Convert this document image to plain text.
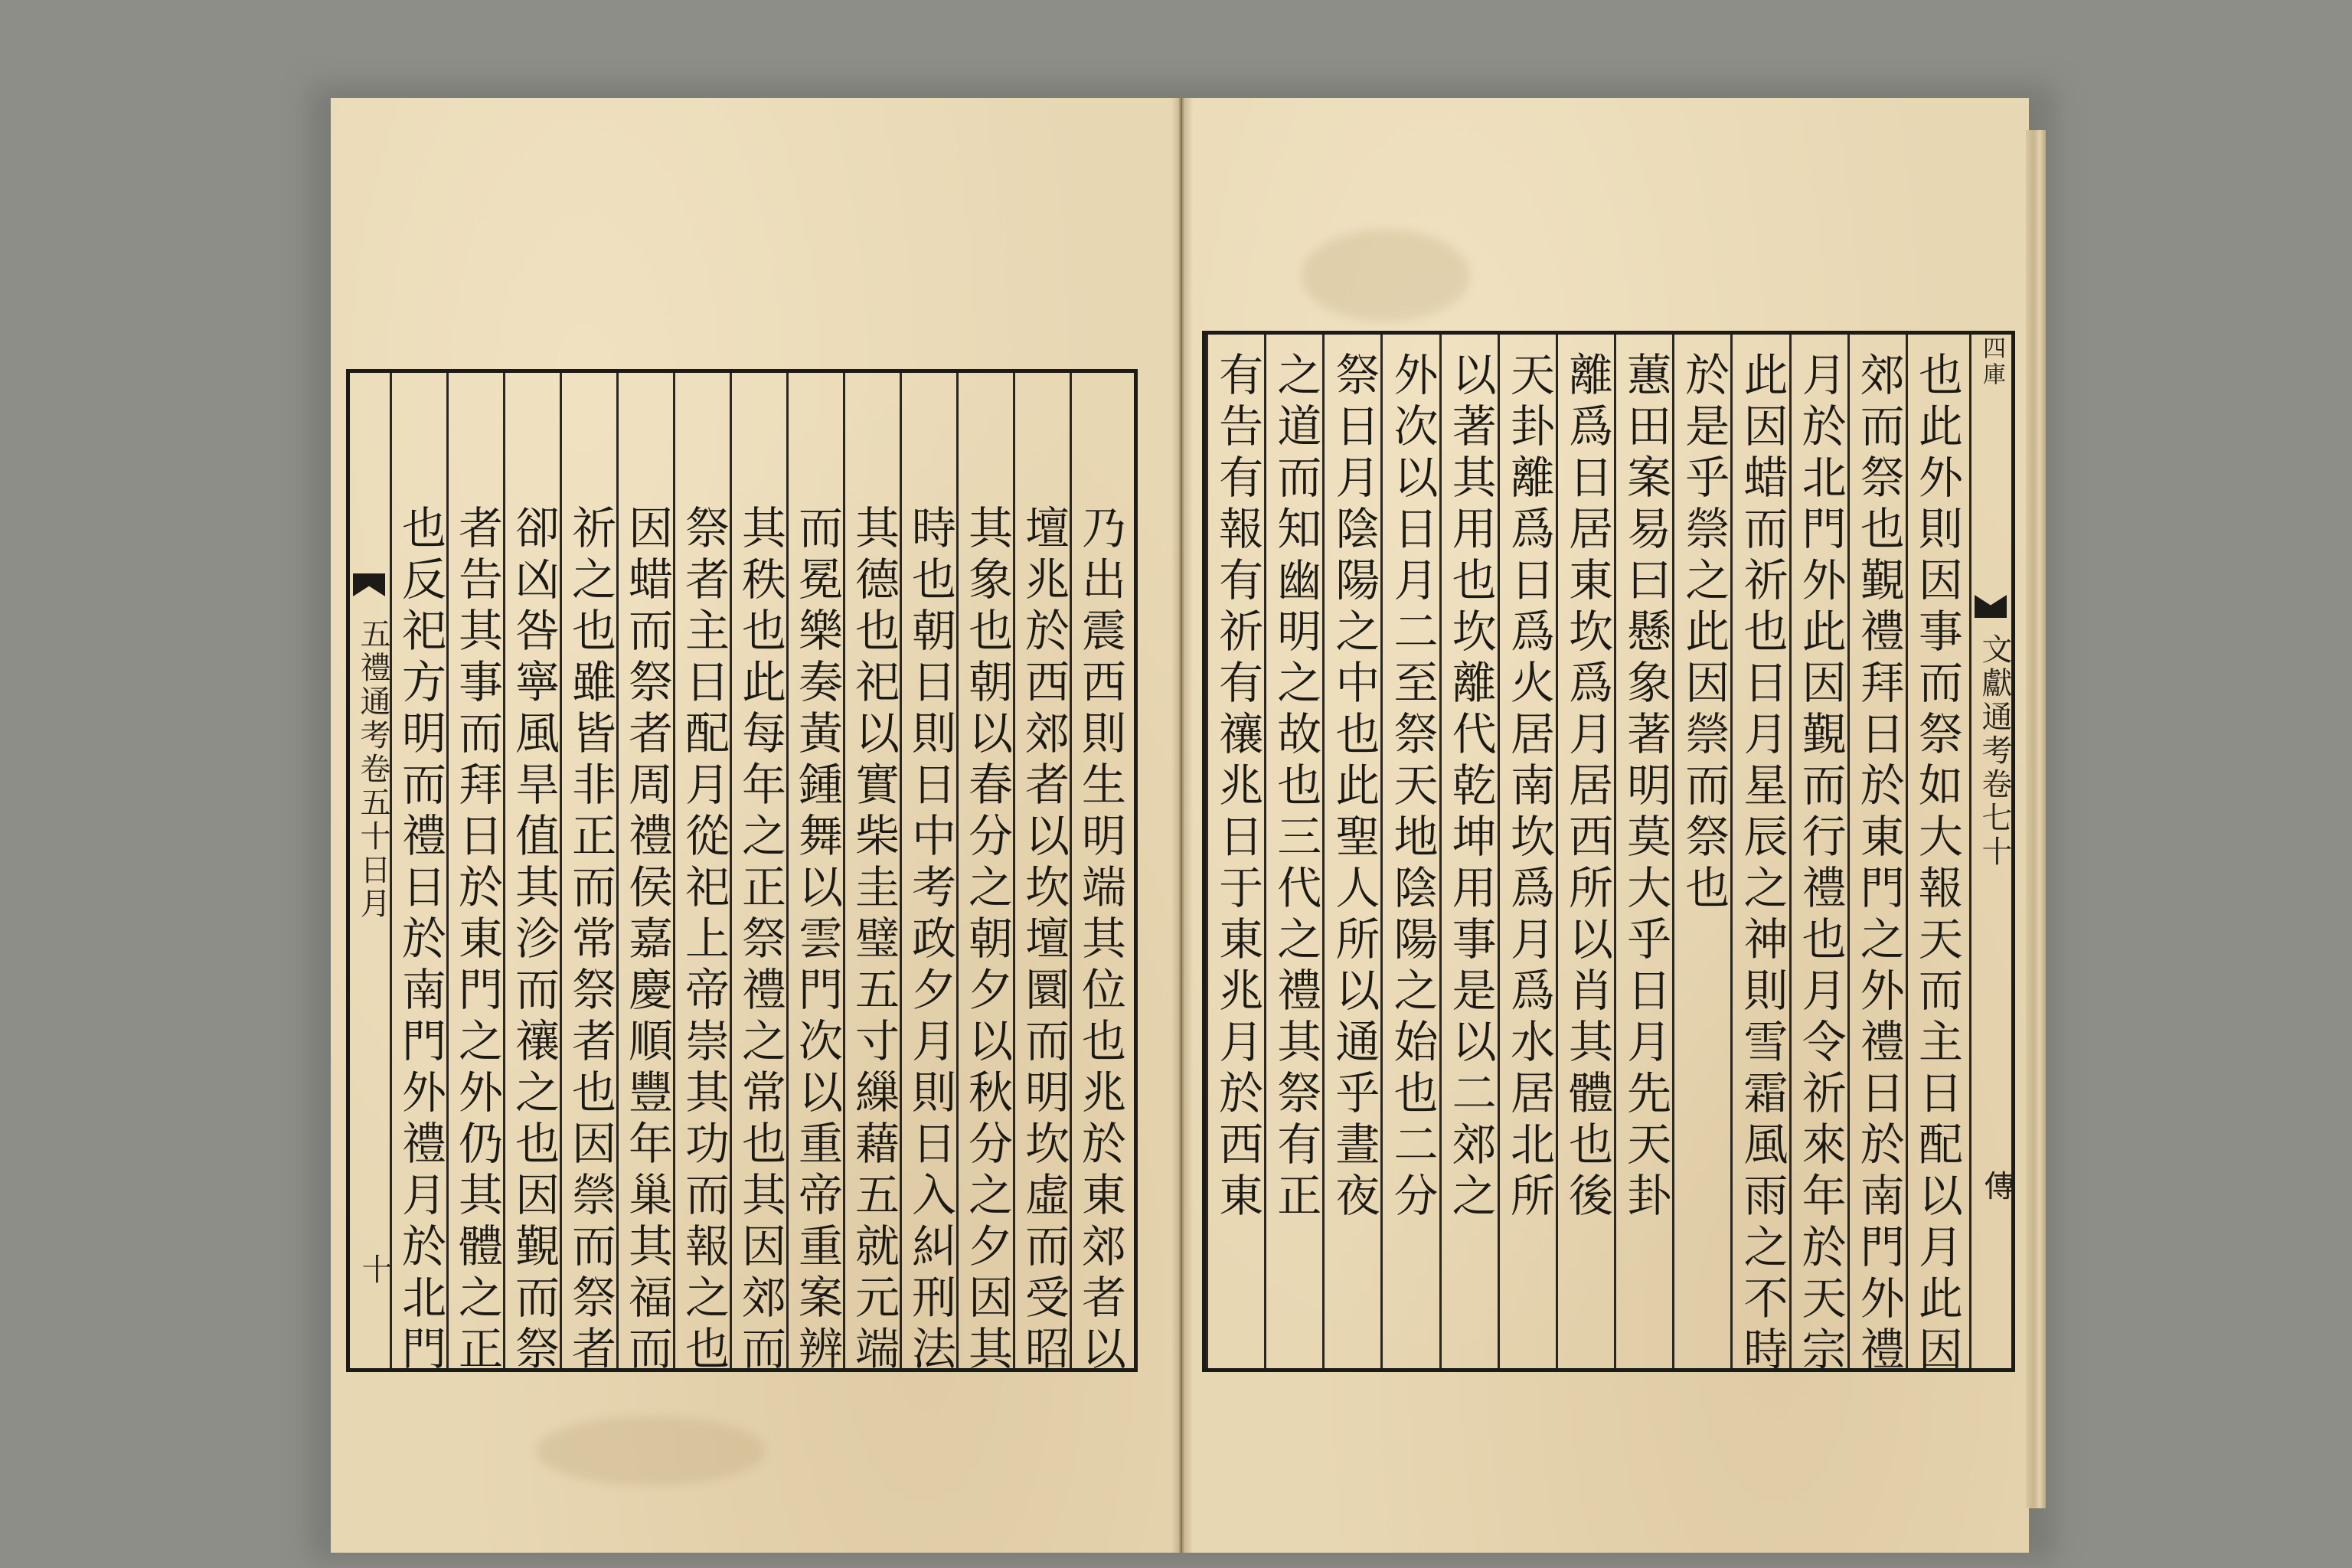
五禮通考卷五十日月
十	乃出震西則生明端其位也兆於東郊者以
壇兆於西郊者以坎壇圜而明坎虛而受昭
其象也朝以春分之朝夕以秋分之夕因其
時也朝日則日中考政夕月則日入糾刑法
其德也祀以實柴圭璧五寸繅藉五就元端
而冕樂奏黃鍾舞以雲門次以重帝重案辨
其秩也此每年之正祭禮之常也其因郊而
祭者主日配月從祀上帝崇其功而報之也
因蜡而祭者周禮侯嘉慶順豐年巢其福而
祈之也雖皆非正而常祭者也因禜而祭者
卻凶咎寧風旱值其沴而禳之也因覲而祭
者告其事而拜日於東門之外仍其體之正
也反祀方明而禮日於南門外禮月於北門	也此外則因事而祭如大報天而主日配以月此因
郊而祭也覲禮拜日於東門之外禮日於南門外禮
月於北門外此因覲而行禮也月令祈來年於天宗
此因蜡而祈也日月星辰之神則雪霜風雨之不時
於是乎禜之此因禜而祭也
蕙田案易曰懸象著明莫大乎日月先天卦
離爲日居東坎爲月居西所以肖其體也後
天卦離爲日爲火居南坎爲月爲水居北所
以著其用也坎離代乾坤用事是以二郊之
外次以日月二至祭天地陰陽之始也二分
祭日月陰陽之中也此聖人所以通乎晝夜
之道而知幽明之故也三代之禮其祭有正
有告有報有祈有禳兆日于東兆月於西東	四庫
文獻通考卷七十
𫝊
